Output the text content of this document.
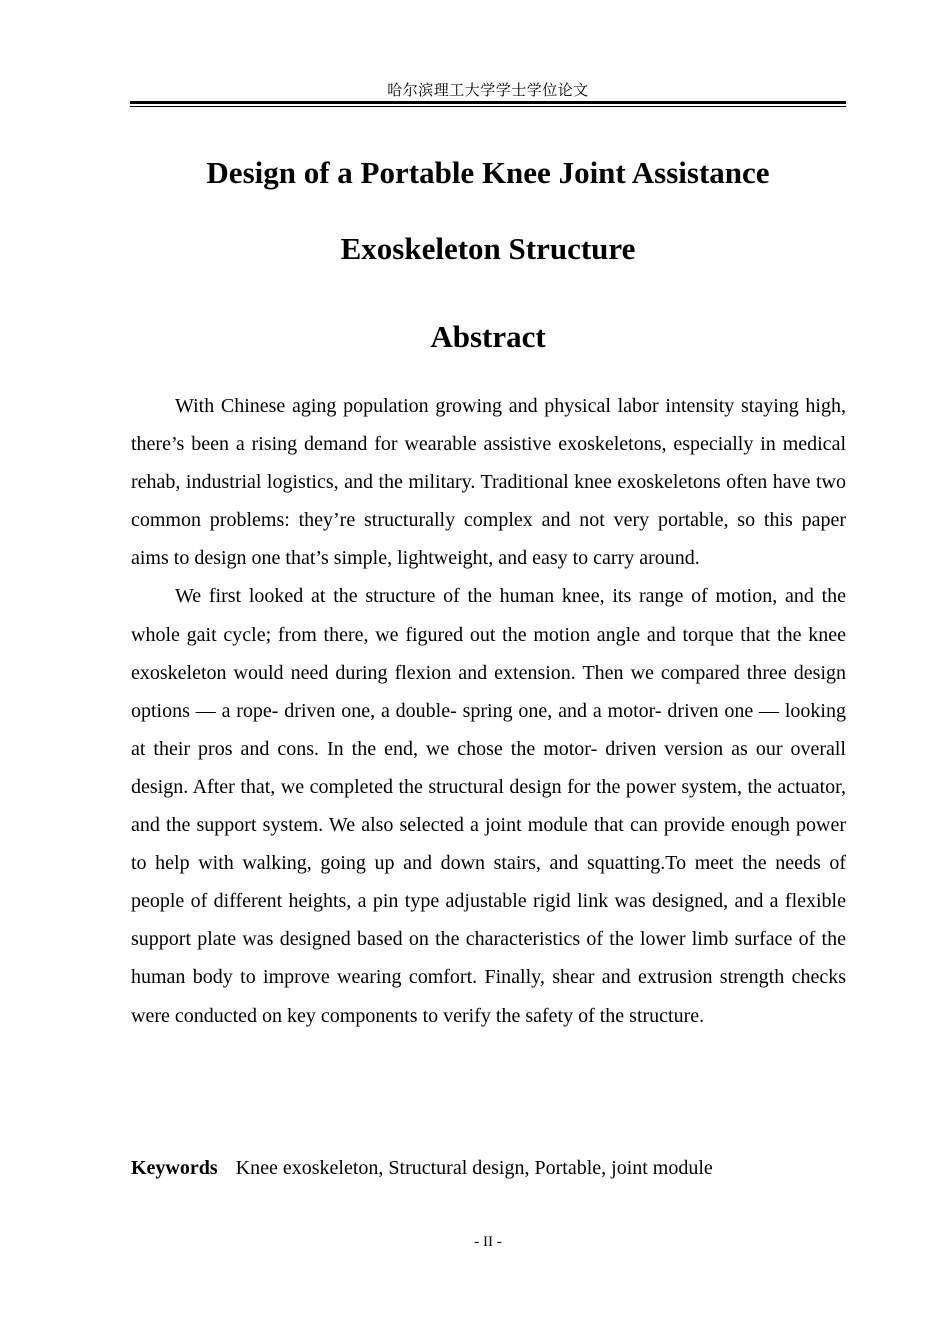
哈尔滨理工大学学士学位论文
Design of a Portable Knee Joint Assistance
Exoskeleton Structure
Abstract

With Chinese aging population growing and physical labor intensity staying high, there’s been a rising demand for wearable assistive exoskeletons, especially in medical rehab, industrial logistics, and the military. Traditional knee exoskeletons often have two common problems: they’re structurally complex and not very portable, so this paper aims to design one that’s simple, lightweight, and easy to carry around.

We first looked at the structure of the human knee, its range of motion, and the whole gait cycle; from there, we figured out the motion angle and torque that the knee exoskeleton would need during flexion and extension. Then we compared three design options — a rope- driven one, a double- spring one, and a motor- driven one — looking at their pros and cons. In the end, we chose the motor- driven version as our overall design. After that, we completed the structural design for the power system, the actuator, and the support system. We also selected a joint module that can provide enough power to help with walking, going up and down stairs, and squatting.To meet the needs of people of different heights, a pin type adjustable rigid link was designed, and a flexible support plate was designed based on the characteristics of the lower limb surface of the human body to improve wearing comfort. Finally, shear and extrusion strength checks were conducted on key components to verify the safety of the structure.

Keywords Knee exoskeleton, Structural design, Portable, joint module
- II -
